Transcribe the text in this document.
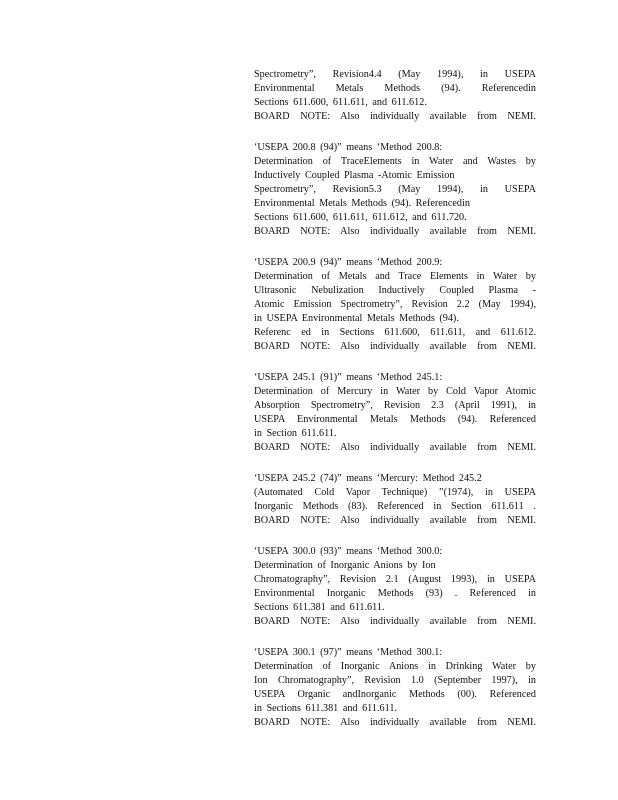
Spectrometry”, Revision4.4 (May 1994), in USEPA
Environmental Metals Methods (94). Referencedin
Sections 611.600, 611.611, and 611.612.
BOARD NOTE: Also individually available from NEMI.
‘USEPA 200.8 (94)” means ‘Method 200.8:
Determination of TraceElements in Water and Wastes by
Inductively Coupled Plasma -Atomic Emission
Spectrometry”, Revision5.3 (May 1994), in USEPA
Environmental Metals Methods (94). Referencedin
Sections 611.600, 611.611, 611.612, and 611.720.
BOARD NOTE: Also individually available from NEMI.
‘USEPA 200.9 (94)” means ‘Method 200.9:
Determination of Metals and Trace Elements in Water by
Ultrasonic Nebulization Inductively Coupled Plasma -
Atomic Emission Spectrometry”, Revision 2.2 (May 1994),
in USEPA Environmental Metals Methods (94).
Referenc ed in Sections 611.600, 611.611, and 611.612.
BOARD NOTE: Also individually available from NEMI.
‘USEPA 245.1 (91)” means ‘Method 245.1:
Determination of Mercury in Water by Cold Vapor Atomic
Absorption Spectrometry”, Revision 2.3 (April 1991), in
USEPA Environmental Metals Methods (94). Referenced
in Section 611.611.
BOARD NOTE: Also individually available from NEMI.
‘USEPA 245.2 (74)” means ‘Mercury: Method 245.2
(Automated Cold Vapor Technique) ”(1974), in USEPA
Inorganic Methods (83). Referenced in Section 611.611 .
BOARD NOTE: Also individually available from NEMI.
‘USEPA 300.0 (93)” means ‘Method 300.0:
Determination of Inorganic Anions by Ion
Chromatography”, Revision 2.1 (August 1993), in USEPA
Environmental Inorganic Methods (93) . Referenced in
Sections 611.381 and 611.611.
BOARD NOTE: Also individually available from NEMI.
‘USEPA 300.1 (97)” means ‘Method 300.1:
Determination of Inorganic Anions in Drinking Water by
Ion Chromatography”, Revision 1.0 (September 1997), in
USEPA Organic andInorganic Methods (00). Referenced
in Sections 611.381 and 611.611.
BOARD NOTE: Also individually available from NEMI.
